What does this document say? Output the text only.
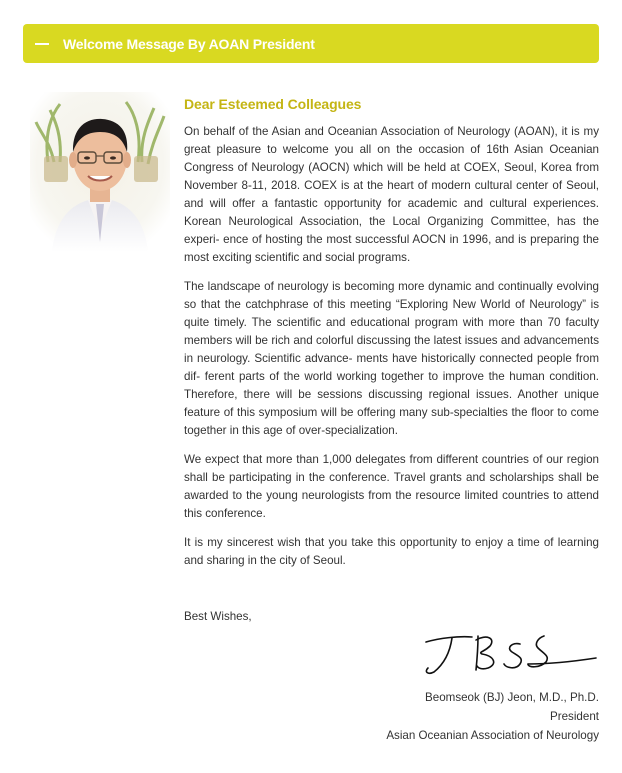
Welcome Message By AOAN President
Dear Esteemed Colleagues

On behalf of the Asian and Oceanian Association of Neurology (AOAN), it is my great pleasure to welcome you all on the occasion of 16th Asian Oceanian Congress of Neurology (AOCN) which will be held at COEX, Seoul, Korea from November 8-11, 2018. COEX is at the heart of modern cultural center of Seoul, and will offer a fantastic opportunity for academic and cultural experiences. Korean Neurological Association, the Local Organizing Committee, has the experi- ence of hosting the most successful AOCN in 1996, and is preparing the most exciting scientific and social programs.

The landscape of neurology is becoming more dynamic and continually evolving so that the catchphrase of this meeting “Exploring New World of Neurology” is quite timely. The scientific and educational program with more than 70 faculty members will be rich and colorful discussing the latest issues and advancements in neurology. Scientific advance- ments have historically connected people from dif- ferent parts of the world working together to improve the human condition. Therefore, there will be sessions discussing regional issues. Another unique feature of this symposium will be offering many sub-specialties the floor to come together in this age of over-specialization.

We expect that more than 1,000 delegates from different countries of our region shall be participating in the conference. Travel grants and scholarships shall be awarded to the young neurologists from the resource limited countries to attend this conference.

It is my sincerest wish that you take this opportunity to enjoy a time of learning and sharing in the city of Seoul.

Best Wishes,
Beomseok (BJ) Jeon, M.D., Ph.D.
President
Asian Oceanian Association of Neurology
